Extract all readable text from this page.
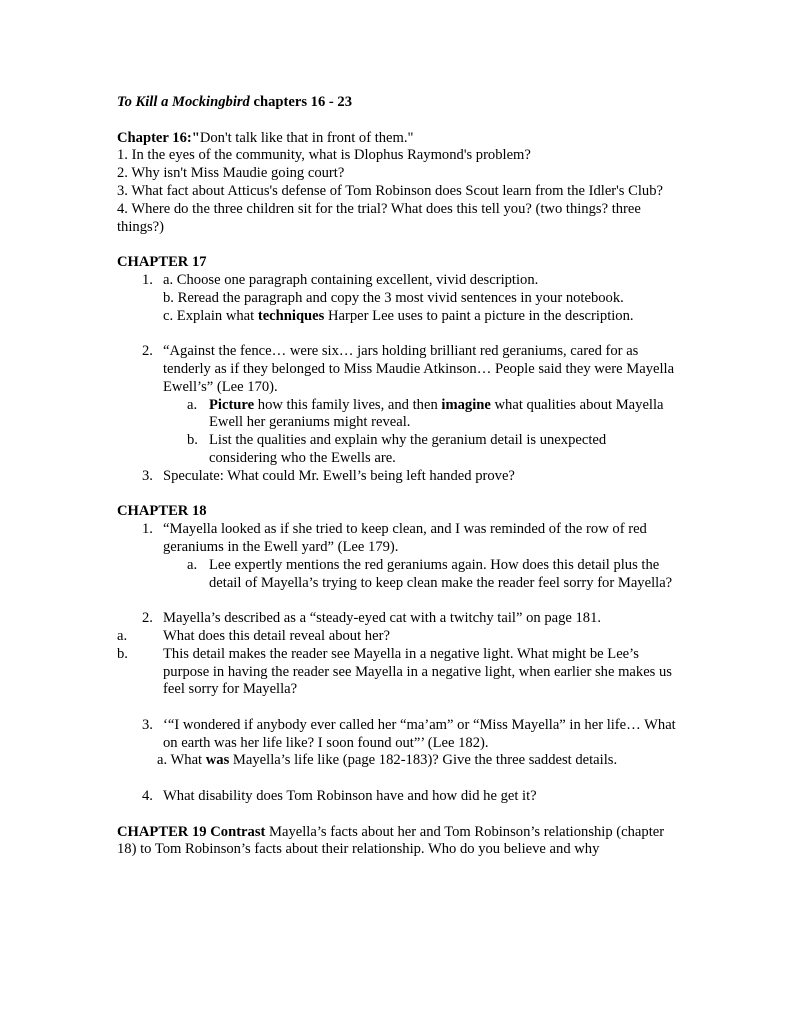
To Kill a Mockingbird chapters 16 - 23

Chapter 16:"Don't talk like that in front of them."

1. In the eyes of the community, what is Dlophus Raymond's problem?

2. Why isn't Miss Maudie going court?

3. What fact about Atticus's defense of Tom Robinson does Scout learn from the Idler's Club?

4. Where do the three children sit for the trial? What does this tell you? (two things? three things?)

CHAPTER 17

1. a. Choose one paragraph containing excellent, vivid description.

b. Reread the paragraph and copy the 3 most vivid sentences in your notebook.

c. Explain what techniques Harper Lee uses to paint a picture in the description.

2. “Against the fence… were six… jars holding brilliant red geraniums, cared for as tenderly as if they belonged to Miss Maudie Atkinson… People said they were Mayella Ewell’s” (Lee 170).

a. Picture how this family lives, and then imagine what qualities about Mayella Ewell her geraniums might reveal.

b. List the qualities and explain why the geranium detail is unexpected considering who the Ewells are.

3. Speculate: What could Mr. Ewell’s being left handed prove?

CHAPTER 18

1. “Mayella looked as if she tried to keep clean, and I was reminded of the row of red geraniums in the Ewell yard” (Lee 179).

a. Lee expertly mentions the red geraniums again. How does this detail plus the detail of Mayella’s trying to keep clean make the reader feel sorry for Mayella?

2. Mayella’s described as a “steady-eyed cat with a twitchy tail” on page 181.

a. What does this detail reveal about her?

b. This detail makes the reader see Mayella in a negative light. What might be Lee’s purpose in having the reader see Mayella in a negative light, when earlier she makes us feel sorry for Mayella?

3. ‘“I wondered if anybody ever called her “ma’am” or “Miss Mayella” in her life… What on earth was her life like? I soon found out”’ (Lee 182).

a. What was Mayella’s life like (page 182-183)? Give the three saddest details.

4. What disability does Tom Robinson have and how did he get it?

CHAPTER 19 Contrast Mayella’s facts about her and Tom Robinson’s relationship (chapter 18) to Tom Robinson’s facts about their relationship. Who do you believe and why
